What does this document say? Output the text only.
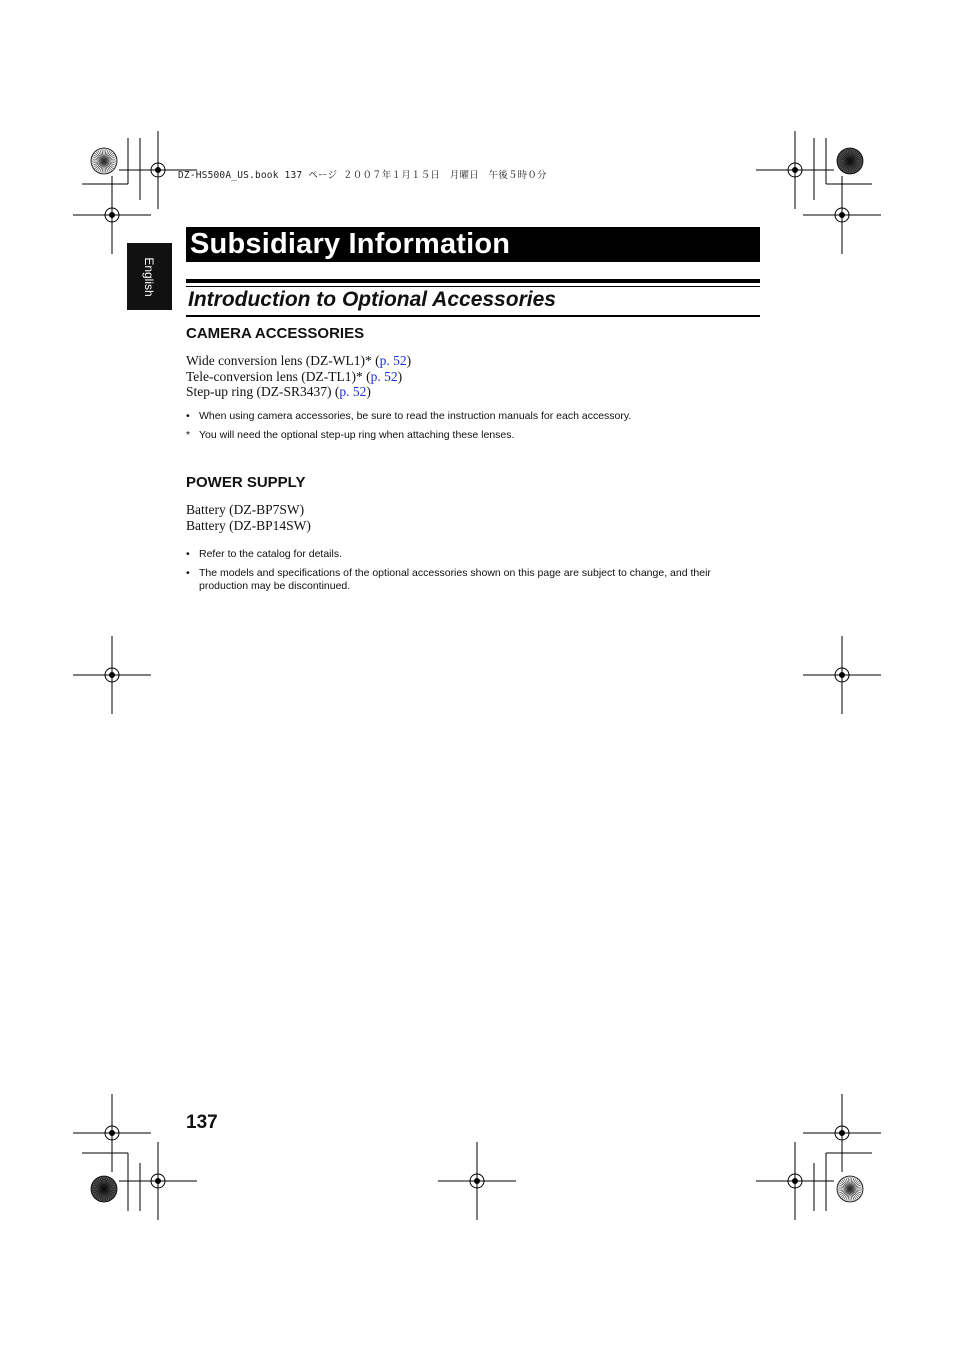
DZ-HS500A_US.book 137 ページ ２００７年１月１５日　月曜日　午後５時０分
English
Subsidiary Information
Introduction to Optional Accessories
CAMERA ACCESSORIES
Wide conversion lens (DZ-WL1)* (p. 52)
Tele-conversion lens (DZ-TL1)* (p. 52)
Step-up ring (DZ-SR3437) (p. 52)
• When using camera accessories, be sure to read the instruction manuals for each accessory.
* You will need the optional step-up ring when attaching these lenses.
POWER SUPPLY
Battery (DZ-BP7SW)
Battery (DZ-BP14SW)
• Refer to the catalog for details.
• The models and specifications of the optional accessories shown on this page are subject to change, and their production may be discontinued.

137
